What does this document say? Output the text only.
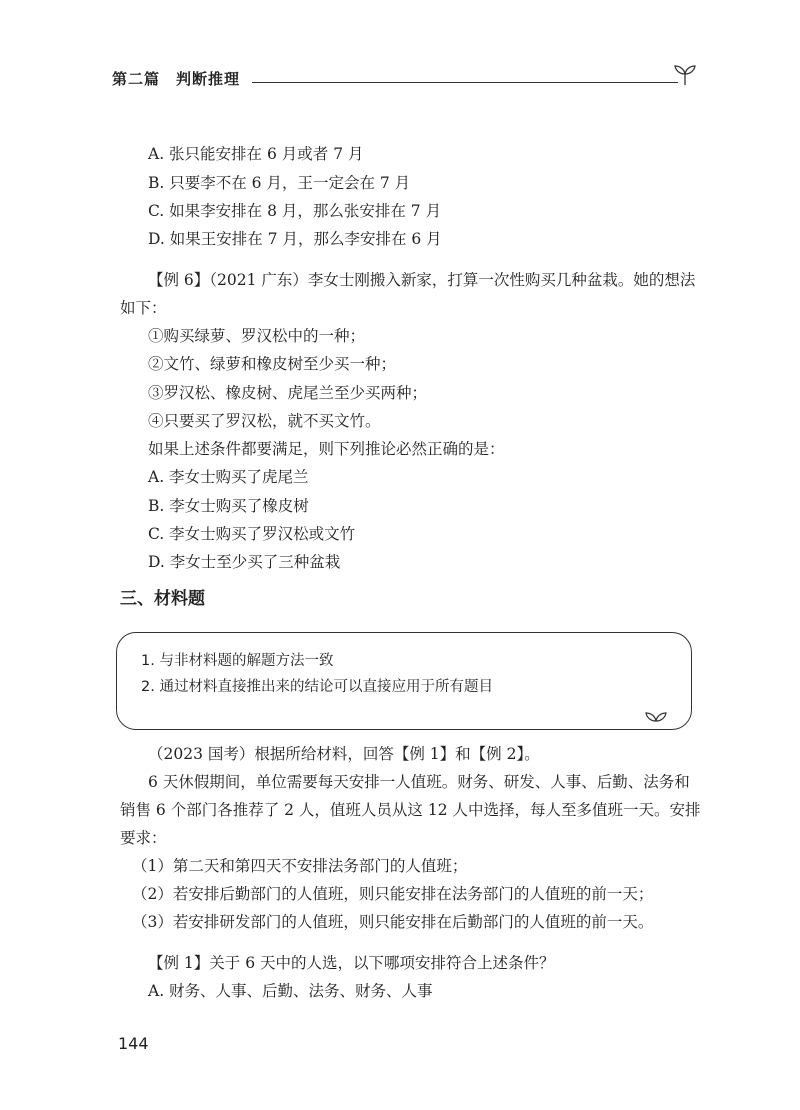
第二篇　判断推理
A. 张只能安排在 6 月或者 7 月
B. 只要李不在 6 月，王一定会在 7 月
C. 如果李安排在 8 月，那么张安排在 7 月
D. 如果王安排在 7 月，那么李安排在 6 月
【例 6】（2021 广东）李女士刚搬入新家，打算一次性购买几种盆栽。她的想法
如下：
①购买绿萝、罗汉松中的一种；
②文竹、绿萝和橡皮树至少买一种；
③罗汉松、橡皮树、虎尾兰至少买两种；
④只要买了罗汉松，就不买文竹。
如果上述条件都要满足，则下列推论必然正确的是：
A. 李女士购买了虎尾兰
B. 李女士购买了橡皮树
C. 李女士购买了罗汉松或文竹
D. 李女士至少买了三种盆栽
三、材料题
1. 与非材料题的解题方法一致
2. 通过材料直接推出来的结论可以直接应用于所有题目
（2023 国考）根据所给材料，回答【例 1】和【例 2】。
6 天休假期间，单位需要每天安排一人值班。财务、研发、人事、后勤、法务和
销售 6 个部门各推荐了 2 人，值班人员从这 12 人中选择，每人至多值班一天。安排
要求：
（1）第二天和第四天不安排法务部门的人值班；
（2）若安排后勤部门的人值班，则只能安排在法务部门的人值班的前一天；
（3）若安排研发部门的人值班，则只能安排在后勤部门的人值班的前一天。
【例 1】关于 6 天中的人选，以下哪项安排符合上述条件？
A. 财务、人事、后勤、法务、财务、人事
144
